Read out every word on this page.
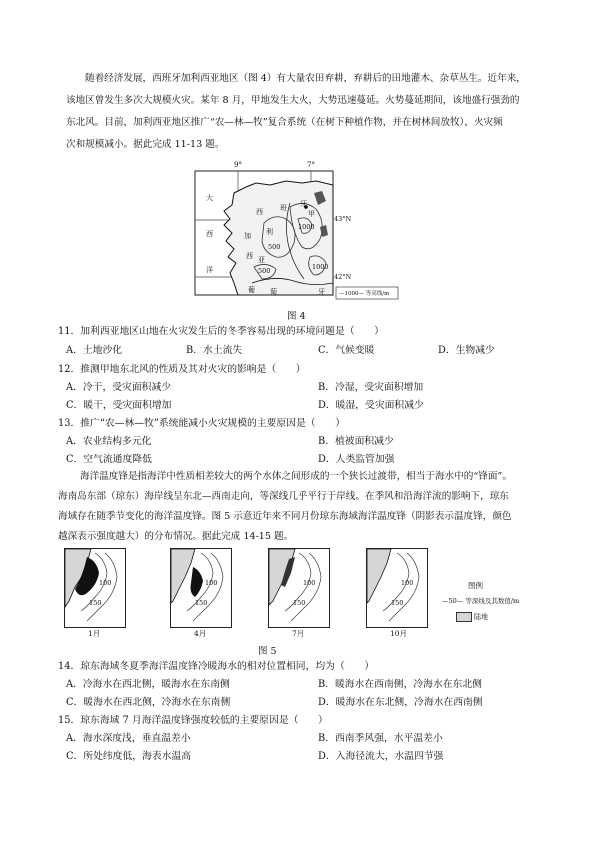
随着经济发展，西班牙加利西亚地区（图 4）有大量农田弃耕，弃耕后的田地灌木、杂草丛生。近年来，
该地区曾发生多次大规模火灾。某年 8 月，甲地发生大火，大势迅速蔓延。火势蔓延期间，该地盛行强劲的
东北风。目前，加利西亚地区推广“农—林—牧”复合系统（在树下种植作物，并在树林间放牧），火灾频
次和规模减小。据此完成 11-13 题。
9°	7°
43°N
42°N
大
西
洋
西 班 牙
加 利
西 亚
甲
葡 萄	牙
500
500
1000
1000
—1000— 等高线/m
图 4
11．加利西亚地区山地在火灾发生后的冬季容易出现的环境问题是（　　）
A．土地沙化	B．水土流失	C．气候变暖	D．生物减少
12．推测甲地东北风的性质及其对火灾的影响是（　　）
A．冷干，受灾面积减少	B．冷湿，受灾面积增加
C．暖干，受灾面积增加	D．暖湿，受灾面积减少
13．推广“农—林—牧”系统能减小火灾规模的主要原因是（　　）
A．农业结构多元化	B．植被面积减少
C．空气流通度降低	D．人类监管加强
海洋温度锋是指海洋中性质相差较大的两个水体之间形成的一个狭长过渡带，相当于海水中的“锋面”。
海南岛东部（琼东）海岸线呈东北—西南走向，等深线几乎平行于岸线。在季风和沿海洋流的影响下，琼东
海域存在随季节变化的海洋温度锋。图 5 示意近年来不同月份琼东海域海洋温度锋（阴影表示温度锋，颜色
越深表示强度越大）的分布情况。据此完成 14-15 题。
100
150
100
150
100
150
100
150
1月	4月	7月	10月
图例
—50— 等深线及其数值/m
陆地
图 5
14．琼东海域冬夏季海洋温度锋冷暖海水的相对位置相同，均为（　　）
A．冷海水在西北侧，暖海水在东南侧	B．暖海水在西南侧，冷海水在东北侧
C．暖海水在西北侧，冷海水在东南侧	D．暖海水在东北侧，冷海水在西南侧
15．琼东海域 7 月海洋温度锋强度较低的主要原因是（　　）
A．海水深度浅，垂直温差小	B．西南季风强，水平温差小
C．所处纬度低，海表水温高	D．入海径流大，水温四节强
